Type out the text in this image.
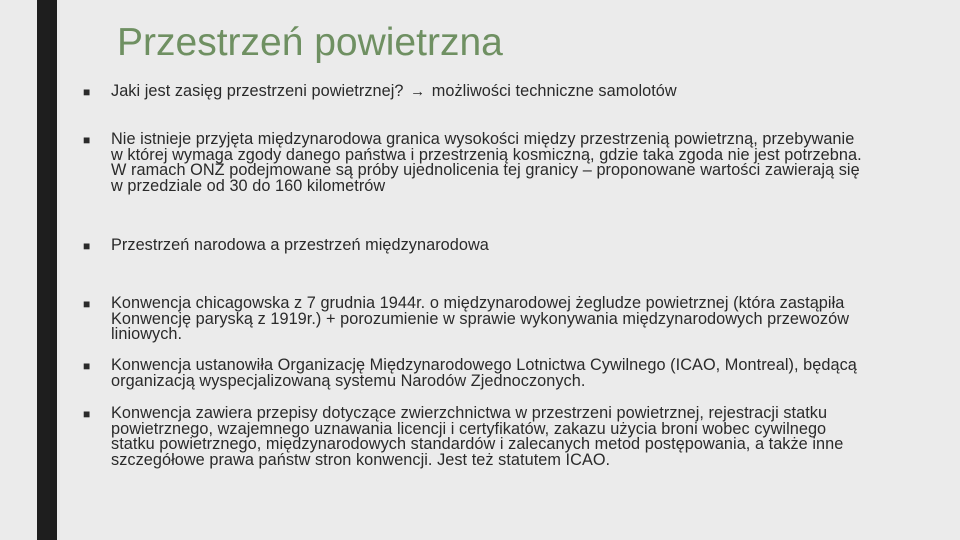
Przestrzeń powietrzna
■	Jaki jest zasięg przestrzeni powietrznej? → możliwości techniczne samolotów
■	Nie istnieje przyjęta międzynarodowa granica wysokości między przestrzenią powietrzną, przebywanie w której wymaga zgody danego państwa i przestrzenią kosmiczną, gdzie taka zgoda nie jest potrzebna. W ramach ONZ podejmowane są próby ujednolicenia tej granicy – proponowane wartości zawierają się w przedziale od 30 do 160 kilometrów
■	Przestrzeń narodowa a przestrzeń międzynarodowa
■	Konwencja chicagowska z 7 grudnia 1944r. o międzynarodowej żegludze powietrznej (która zastąpiła Konwencję paryską z 1919r.) + porozumienie w sprawie wykonywania międzynarodowych przewozów liniowych.
■	Konwencja ustanowiła Organizację Międzynarodowego Lotnictwa Cywilnego (ICAO, Montreal), będącą organizacją wyspecjalizowaną systemu Narodów Zjednoczonych.
■	Konwencja zawiera przepisy dotyczące zwierzchnictwa w przestrzeni powietrznej, rejestracji statku powietrznego, wzajemnego uznawania licencji i certyfikatów, zakazu użycia broni wobec cywilnego statku powietrznego, międzynarodowych standardów i zalecanych metod postępowania, a także inne szczegółowe prawa państw stron konwencji. Jest też statutem ICAO.
